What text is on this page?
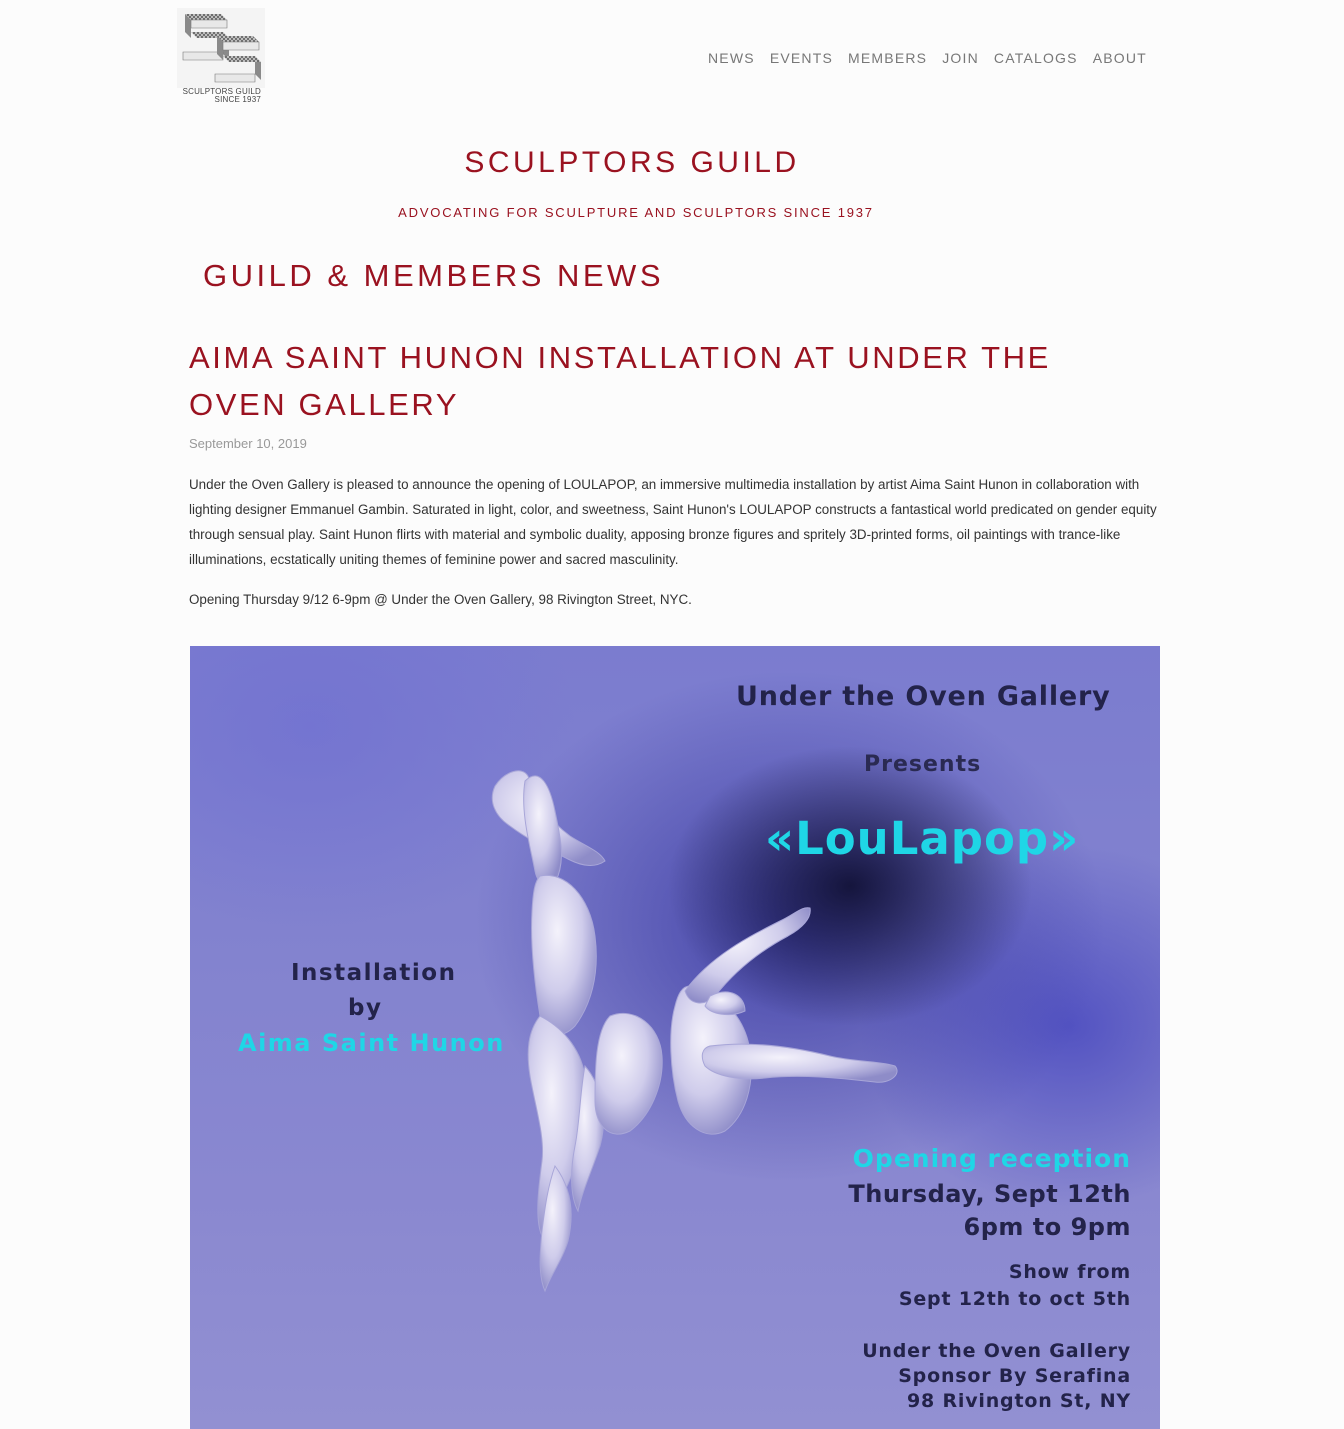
SCULPTORS GUILD
SINCE 1937
NEWS EVENTS MEMBERS JOIN CATALOGS ABOUT
SCULPTORS GUILD

ADVOCATING FOR SCULPTURE AND SCULPTORS SINCE 1937

GUILD & MEMBERS NEWS
AIMA SAINT HUNON INSTALLATION AT UNDER THE OVEN GALLERY
September 10, 2019

Under the Oven Gallery is pleased to announce the opening of LOULAPOP, an immersive multimedia installation by artist Aima Saint Hunon in collaboration with lighting designer Emmanuel Gambin. Saturated in light, color, and sweetness, Saint Hunon's LOULAPOP constructs a fantastical world predicated on gender equity through sensual play. Saint Hunon flirts with material and symbolic duality, apposing bronze figures and spritely 3D-printed forms, oil paintings with trance-like illuminations, ecstatically uniting themes of feminine power and sacred masculinity.

Opening Thursday 9/12 6-9pm @ Under the Oven Gallery, 98 Rivington Street, NYC.

Under the Oven Gallery

Presents

«LouLapop»

Installation

by

Aima Saint Hunon

Opening reception

Thursday, Sept 12th

6pm to 9pm

Show from

Sept 12th to oct 5th

Under the Oven Gallery

Sponsor By Serafina

98 Rivington St, NY
